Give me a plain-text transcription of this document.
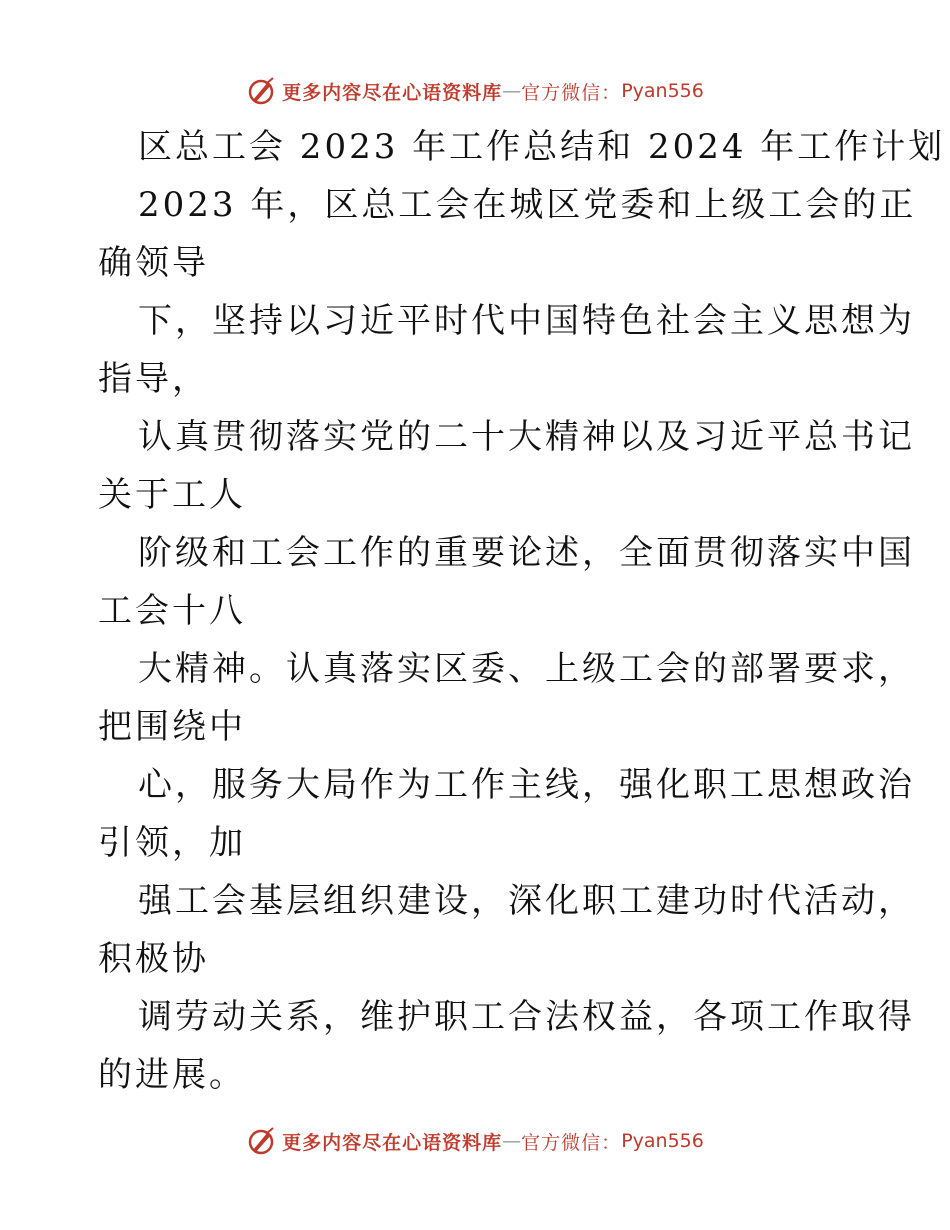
更多内容尽在心语资料库 — 官方微信： Pyan556
区总工会 2023 年工作总结和 2024 年工作计划
2023 年，区总工会在城区党委和上级工会的正
确领导
下，坚持以习近平时代中国特色社会主义思想为
指导，
认真贯彻落实党的二十大精神以及习近平总书记
关于工人
阶级和工会工作的重要论述，全面贯彻落实中国
工会十八
大精神。认真落实区委、上级工会的部署要求，
把围绕中
心，服务大局作为工作主线，强化职工思想政治
引领，加
强工会基层组织建设，深化职工建功时代活动，
积极协
调劳动关系，维护职工合法权益，各项工作取得
的进展。
更多内容尽在心语资料库 — 官方微信： Pyan556
